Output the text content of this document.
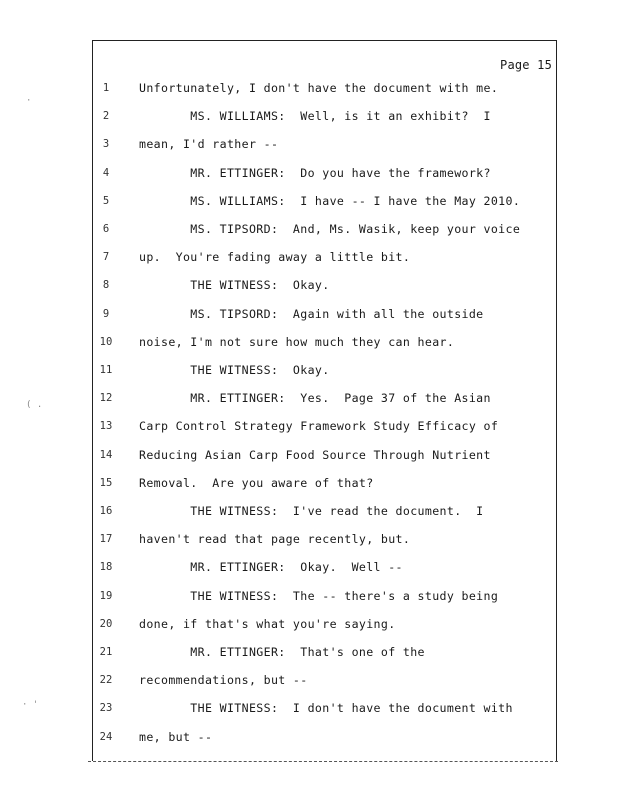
Page 15
1	Unfortunately, I don't have the document with me.
2	MS. WILLIAMS:  Well, is it an exhibit?  I
3	mean, I'd rather --
4	MR. ETTINGER:  Do you have the framework?
5	MS. WILLIAMS:  I have -- I have the May 2010.
6	MS. TIPSORD:  And, Ms. Wasik, keep your voice
7	up.  You're fading away a little bit.
8	THE WITNESS:  Okay.
9	MS. TIPSORD:  Again with all the outside
10	noise, I'm not sure how much they can hear.
11	THE WITNESS:  Okay.
12	MR. ETTINGER:  Yes.  Page 37 of the Asian
13	Carp Control Strategy Framework Study Efficacy of
14	Reducing Asian Carp Food Source Through Nutrient
15	Removal.  Are you aware of that?
16	THE WITNESS:  I've read the document.  I
17	haven't read that page recently, but.
18	MR. ETTINGER:  Okay.  Well --
19	THE WITNESS:  The -- there's a study being
20	done, if that's what you're saying.
21	MR. ETTINGER:  That's one of the
22	recommendations, but --
23	THE WITNESS:  I don't have the document with
24	me, but --
·
( .
· '
